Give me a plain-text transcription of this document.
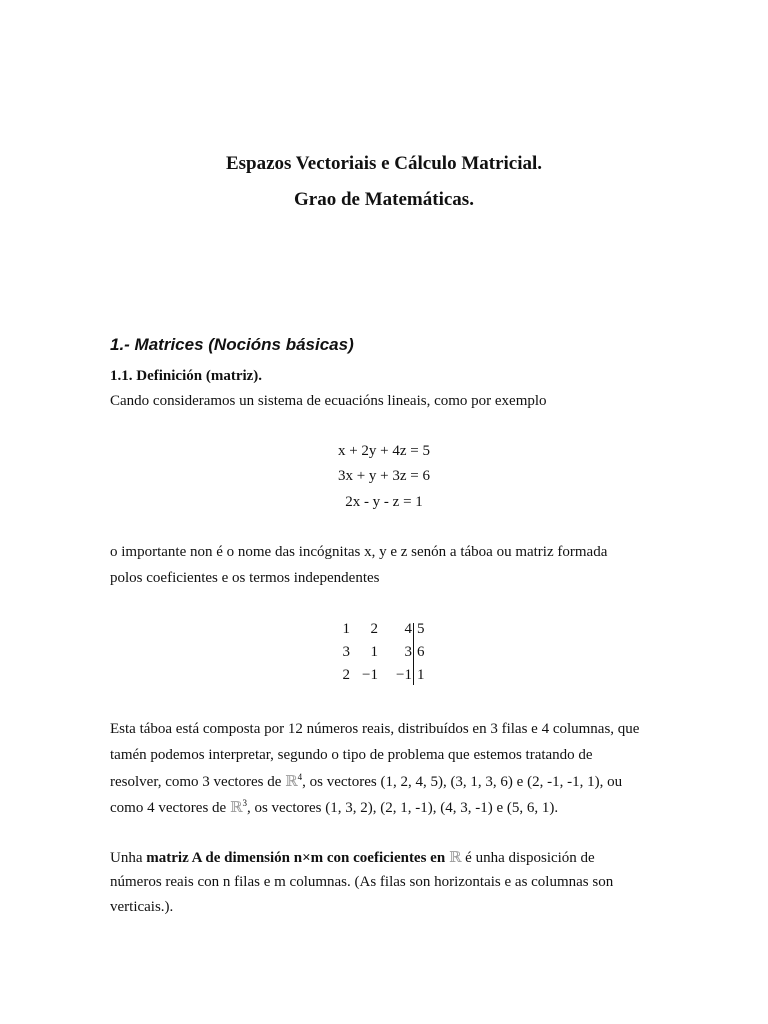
Espazos Vectoriais e Cálculo Matricial.
Grao de Matemáticas.
1.- Matrices (Nocións básicas)
1.1. Definición (matriz).

Cando consideramos un sistema de ecuacións lineais, como por exemplo

x + 2y + 4z = 5

3x + y + 3z = 6

2x - y - z = 1

o importante non é o nome das incógnitas x, y e z senón a táboa ou matriz formada

polos coeficientes e os termos independentes

1	2	4 5
3	1	3 6
2 −1	−1 1

Esta táboa está composta por 12 números reais, distribuídos en 3 filas e 4 columnas, que

tamén podemos interpretar, segundo o tipo de problema que estemos tratando de

resolver, como 3 vectores de ℝ$^4$, os vectores (1, 2, 4, 5), (3, 1, 3, 6) e (2, -1, -1, 1), ou

como 4 vectores de ℝ$^3$, os vectores (1, 3, 2), (2, 1, -1), (4, 3, -1) e (5, 6, 1).

Unha matriz A de dimensión n×m con coeficientes en ℝ é unha disposición de

números reais con n filas e m columnas. (As filas son horizontais e as columnas son

verticais.).
